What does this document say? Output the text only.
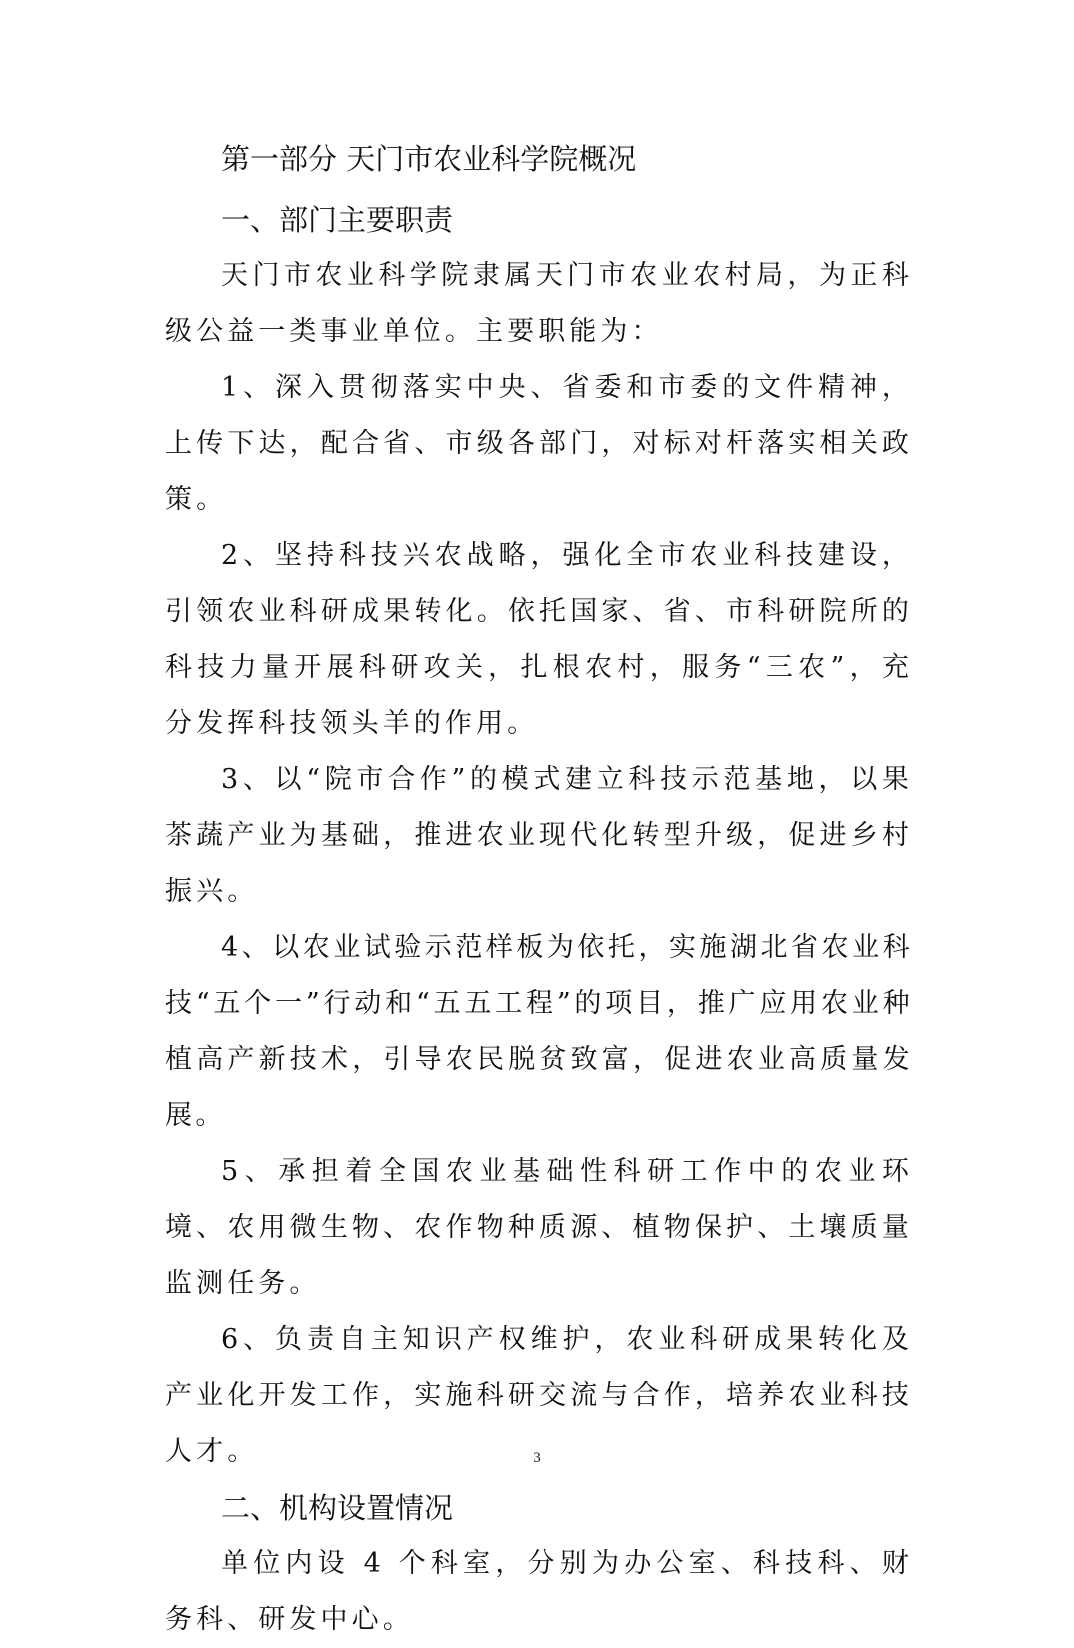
第一部分 天门市农业科学院概况
一、部门主要职责

天门市农业科学院隶属天门市农业农村局，为正科级公益一类事业单位。主要职能为：

1、深入贯彻落实中央、省委和市委的文件精神，上传下达，配合省、市级各部门，对标对杆落实相关政策。

2、坚持科技兴农战略，强化全市农业科技建设，引领农业科研成果转化。依托国家、省、市科研院所的科技力量开展科研攻关，扎根农村，服务“三农”，充分发挥科技领头羊的作用。

3、以“院市合作”的模式建立科技示范基地，以果茶蔬产业为基础，推进农业现代化转型升级，促进乡村振兴。

4、以农业试验示范样板为依托，实施湖北省农业科技“五个一”行动和“五五工程”的项目，推广应用农业种植高产新技术，引导农民脱贫致富，促进农业高质量发展。

5、承担着全国农业基础性科研工作中的农业环境、农用微生物、农作物种质源、植物保护、土壤质量监测任务。

6、负责自主知识产权维护，农业科研成果转化及产业化开发工作，实施科研交流与合作，培养农业科技人才。

二、机构设置情况

单位内设 4 个科室，分别为办公室、科技科、财务科、研发中心。

3
